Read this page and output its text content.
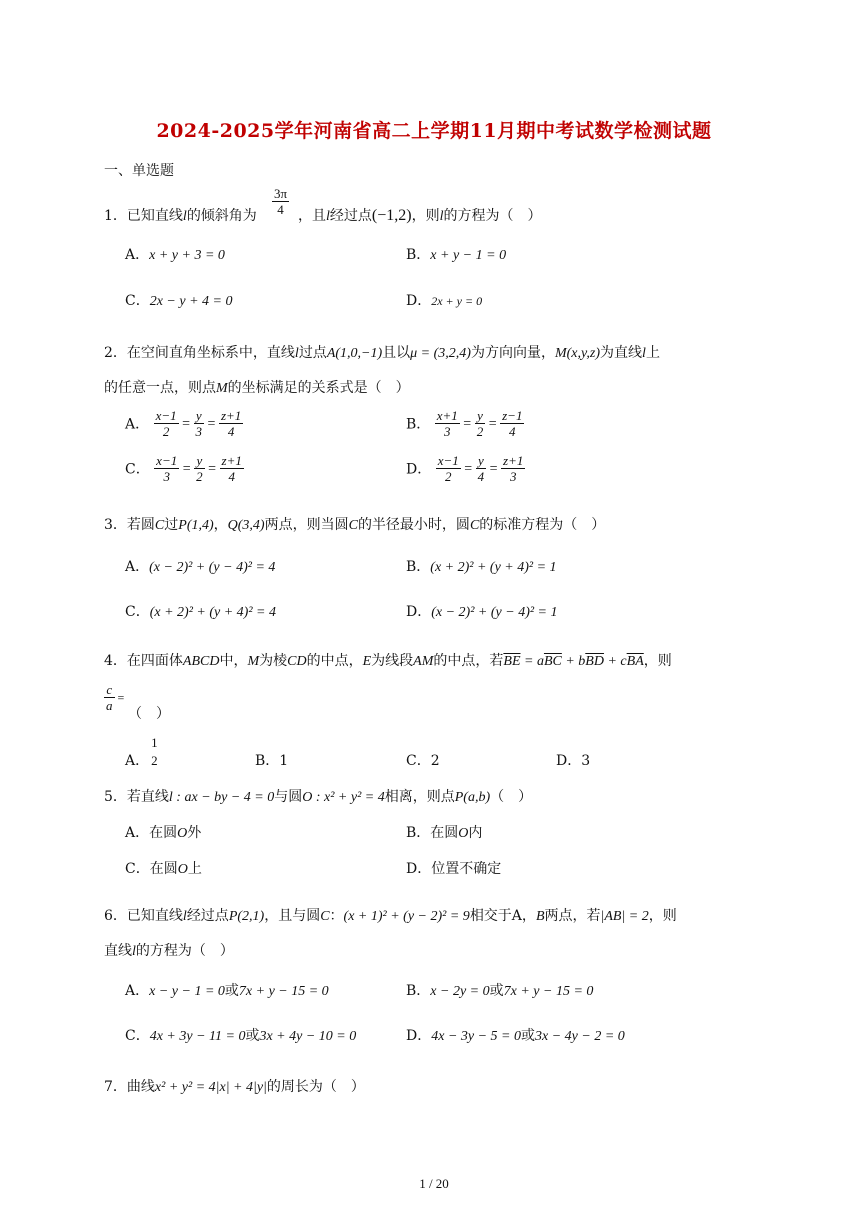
2024-2025学年河南省高二上学期11月期中考试数学检测试题
一、单选题
1．已知直线l的倾斜角为 $\frac{3\pi}{4}$ ，且l经过点(−1,2)，则l的方程为（　）
A．x + y + 3 = 0	B．x + y − 1 = 0
C．2x − y + 4 = 0	D．2x + y = 0
2．在空间直角坐标系中，直线l过点A(1,0,−1)且以μ = (3,2,4)为方向向量，M(x,y,z)为直线l上
的任意一点，则点M的坐标满足的关系式是（　）
A． $\frac{x-1}{2} = \frac{y}{3} = \frac{z+1}{4}$	B． $\frac{x+1}{3} = \frac{y}{2} = \frac{z-1}{4}$
C． $\frac{x-1}{3} = \frac{y}{2} = \frac{z+1}{4}$	D． $\frac{x-1}{2} = \frac{y}{4} = \frac{z+1}{3}$
3．若圆C过P(1,4)，Q(3,4)两点，则当圆C的半径最小时，圆C的标准方程为（　）
A．(x − 2)² + (y − 4)² = 4	B．(x + 2)² + (y + 4)² = 1
C．(x + 2)² + (y + 4)² = 4	D．(x − 2)² + (y − 4)² = 1
4．在四面体ABCD中，M为棱CD的中点，E为线段AM的中点，若$\overline{BE} = a\overline{BC} + b\overline{BD} + c\overline{BA}$，则
$\frac{c}{a}$ =
（　）
A．
1
2	B．1	C．2	D．3
5．若直线l : ax − by − 4 = 0与圆O : x² + y² = 4相离，则点P(a,b)（　）
A．在圆O外	B．在圆O内
C．在圆O上	D．位置不确定
6．已知直线l经过点P(2,1)，且与圆C：(x + 1)² + (y − 2)² = 9相交于A，B两点，若|AB| = 2，则
直线l的方程为（　）
A．x − y − 1 = 0或7x + y − 15 = 0	B．x − 2y = 0或7x + y − 15 = 0
C．4x + 3y − 11 = 0或3x + 4y − 10 = 0	D．4x − 3y − 5 = 0或3x − 4y − 2 = 0
7．曲线x² + y² = 4|x| + 4|y|的周长为（　）
1 / 20
